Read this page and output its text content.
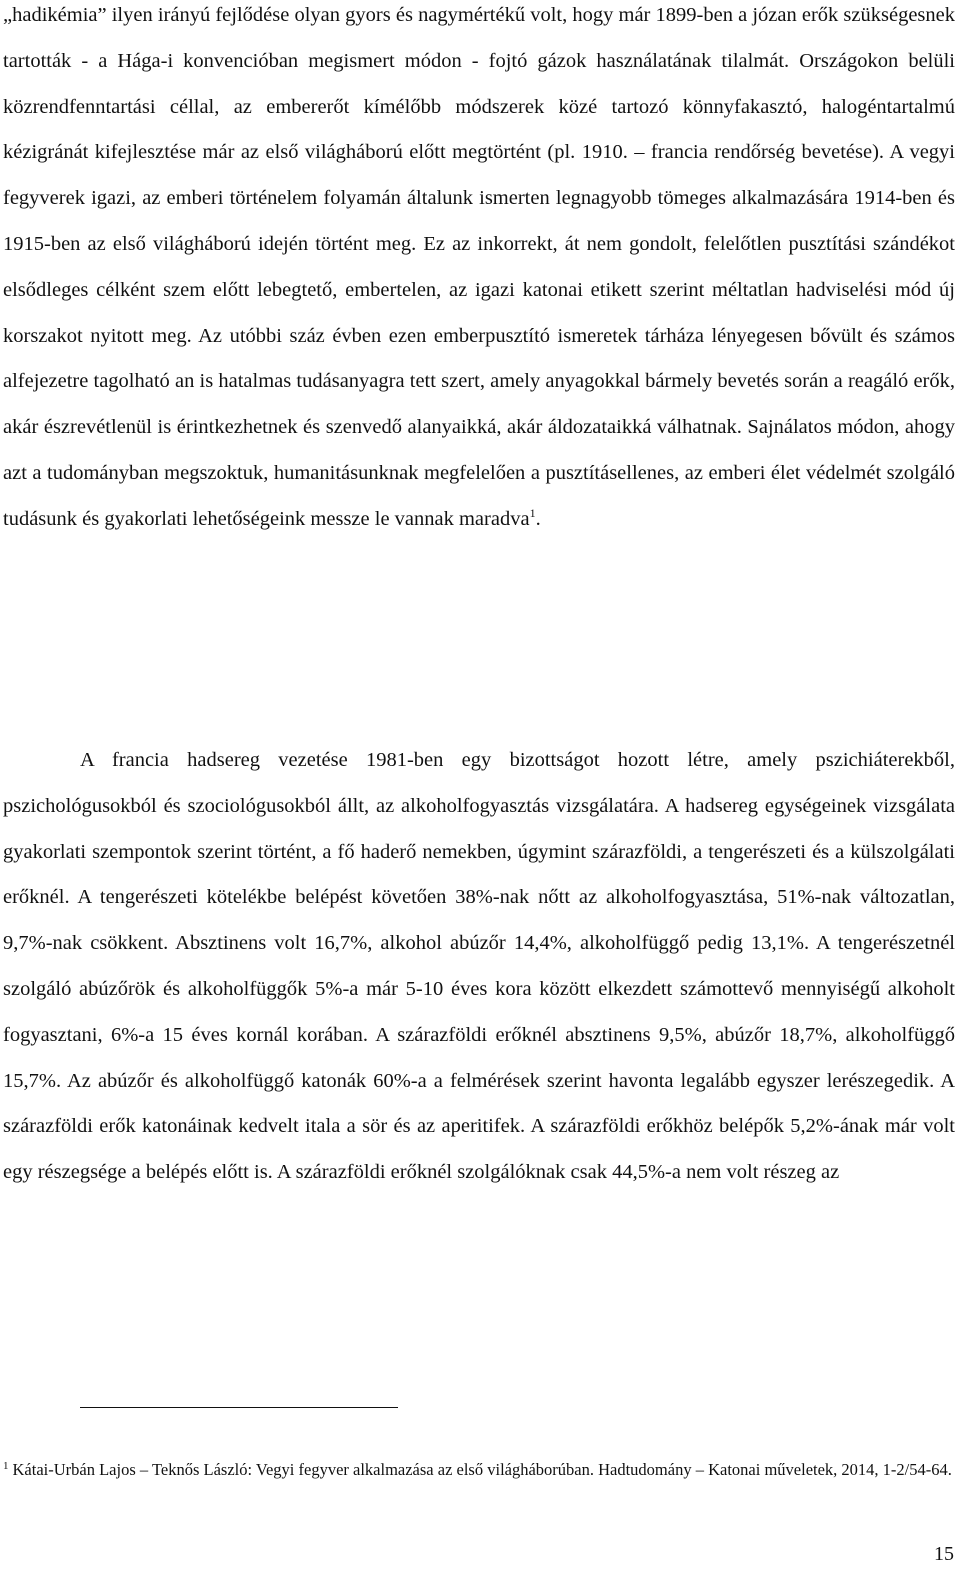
„hadikémia” ilyen irányú fejlődése olyan gyors és nagymértékű volt, hogy már 1899-ben a józan erők szükségesnek tartották - a Hága-i konvencióban megismert módon - fojtó gázok használatának tilalmát. Országokon belüli közrendfenntartási céllal, az embererőt kímélőbb módszerek közé tartozó könnyfakasztó, halogéntartalmú kézigránát kifejlesztése már az első világháború előtt megtörtént (pl. 1910. – francia rendőrség bevetése). A vegyi fegyverek igazi, az emberi történelem folyamán általunk ismerten legnagyobb tömeges alkalmazására 1914-ben és 1915-ben az első világháború idején történt meg. Ez az inkorrekt, át nem gondolt, felelőtlen pusztítási szándékot elsődleges célként szem előtt lebegtető, embertelen, az igazi katonai etikett szerint méltatlan hadviselési mód új korszakot nyitott meg. Az utóbbi száz évben ezen emberpusztító ismeretek tárháza lényegesen bővült és számos alfejezetre tagolható an is hatalmas tudásanyagra tett szert, amely anyagokkal bármely bevetés során a reagáló erők, akár észrevétlenül is érintkezhetnek és szenvedő alanyaikká, akár áldozataikká válhatnak. Sajnálatos módon, ahogy azt a tudományban megszoktuk, humanitásunknak megfelelően a pusztításellenes, az emberi élet védelmét szolgáló tudásunk és gyakorlati lehetőségeink messze le vannak maradva$^1$.

A francia hadsereg vezetése 1981-ben egy bizottságot hozott létre, amely pszichiáterekből, pszichológusokból és szociológusokból állt, az alkoholfogyasztás vizsgálatára. A hadsereg egységeinek vizsgálata gyakorlati szempontok szerint történt, a fő haderő nemekben, úgymint szárazföldi, a tengerészeti és a külszolgálati erőknél. A tengerészeti kötelékbe belépést követően 38%-nak nőtt az alkoholfogyasztása, 51%-nak változatlan, 9,7%-nak csökkent. Absztinens volt 16,7%, alkohol abúzőr 14,4%, alkoholfüggő pedig 13,1%. A tengerészetnél szolgáló abúzőrök és alkoholfüggők 5%-a már 5-10 éves kora között elkezdett számottevő mennyiségű alkoholt fogyasztani, 6%-a 15 éves kornál korában. A szárazföldi erőknél absztinens 9,5%, abúzőr 18,7%, alkoholfüggő 15,7%. Az abúzőr és alkoholfüggő katonák 60%-a a felmérések szerint havonta legalább egyszer lerészegedik. A szárazföldi erők katonáinak kedvelt itala a sör és az aperitifek. A szárazföldi erőkhöz belépők 5,2%-ának már volt egy részegsége a belépés előtt is. A szárazföldi erőknél szolgálóknak csak 44,5%-a nem volt részeg az

$^1$ Kátai-Urbán Lajos – Teknős László: Vegyi fegyver alkalmazása az első világháborúban. Hadtudomány – Katonai műveletek, 2014, 1-2/54-64.

15
